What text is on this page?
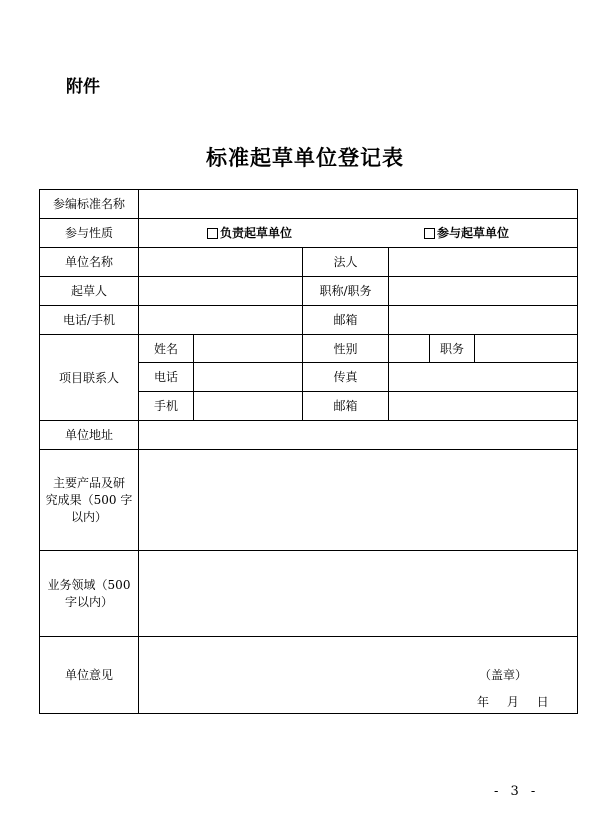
附件
标准起草单位登记表
参编标准名称						
参与性质	负责起草单位 参与起草单位					

单位名称			法人			
起草人			职称/职务			
电话/手机			邮箱			
项目联系人	姓名		性别		职务	
	电话		传真			
	手机		邮箱			
单位地址						

主要产品及研
究成果（500 字
以内）						

业务领域（500
字以内）						

单位意见	（盖章）
年 月 日					
- 3 -
